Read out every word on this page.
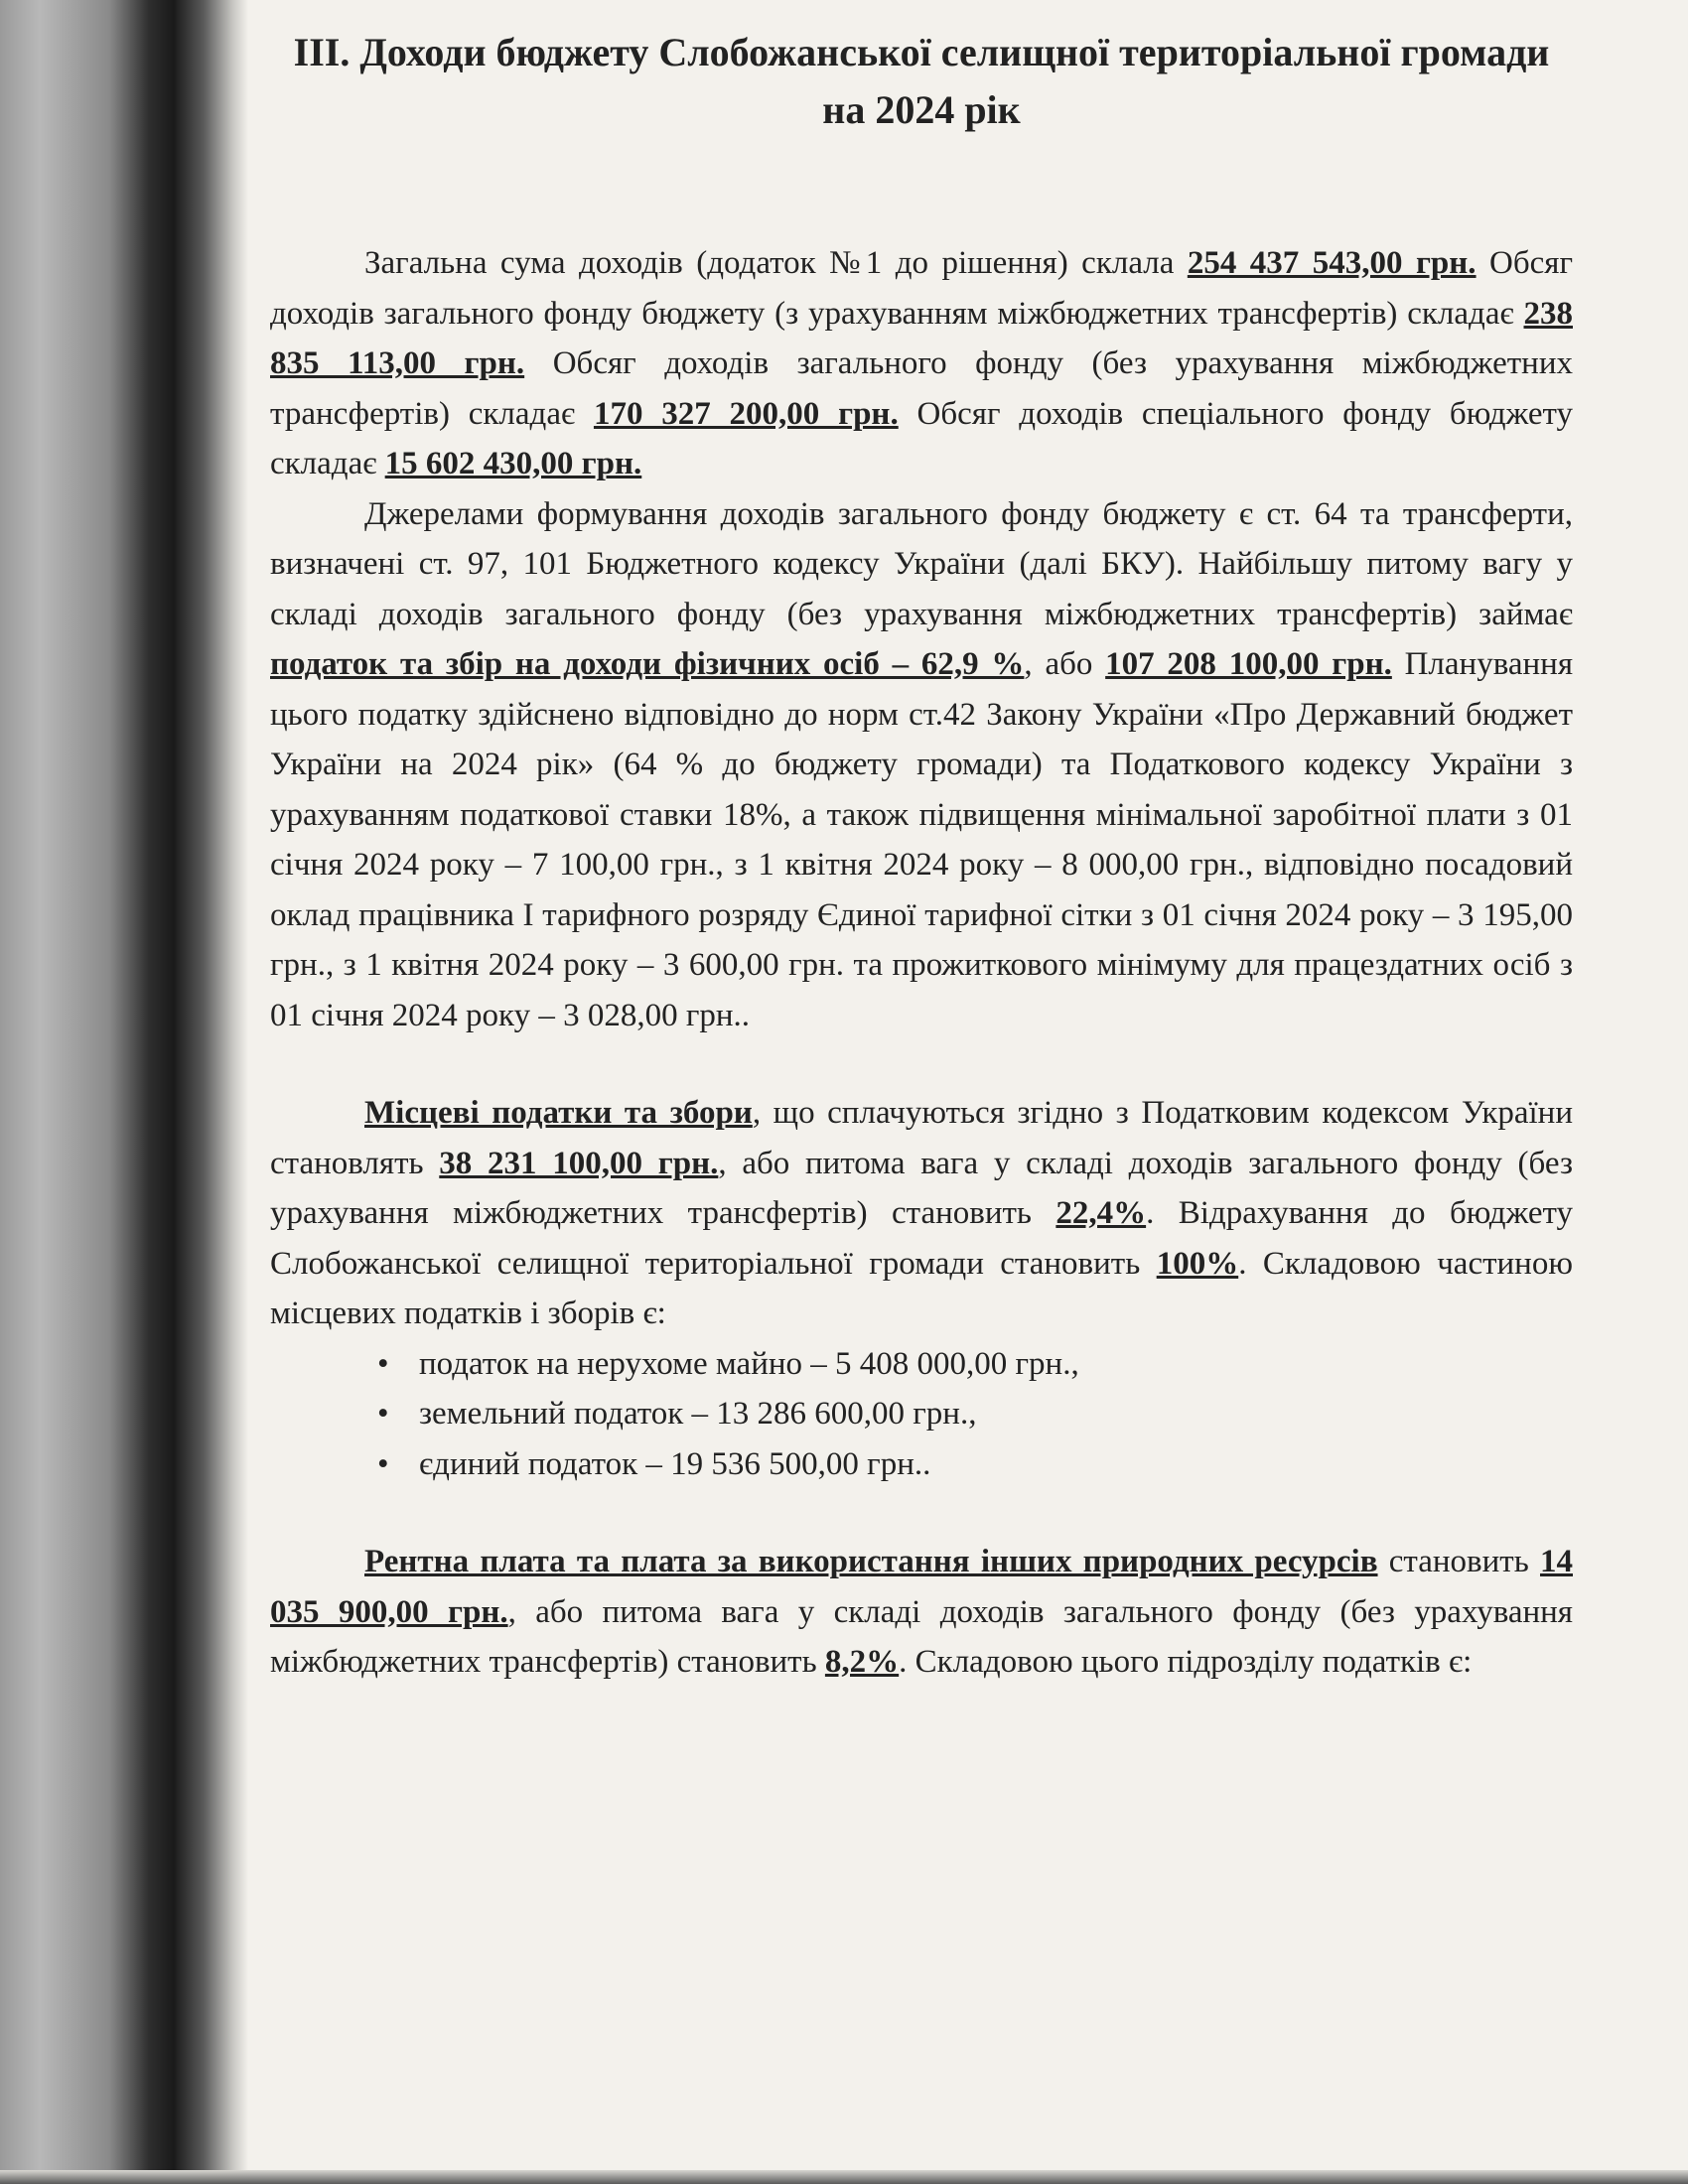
ІІІ. Доходи бюджету Слобожанської селищної територіальної громади на 2024 рік

Загальна сума доходів (додаток №1 до рішення) склала 254 437 543,00 грн. Обсяг доходів загального фонду бюджету (з урахуванням міжбюджетних трансфертів) складає 238 835 113,00 грн. Обсяг доходів загального фонду (без урахування міжбюджетних трансфертів) складає 170 327 200,00 грн. Обсяг доходів спеціального фонду бюджету складає 15 602 430,00 грн.

Джерелами формування доходів загального фонду бюджету є ст. 64 та трансферти, визначені ст. 97, 101 Бюджетного кодексу України (далі БКУ). Найбільшу питому вагу у складі доходів загального фонду (без урахування міжбюджетних трансфертів) займає податок та збір на доходи фізичних осіб – 62,9 %, або 107 208 100,00 грн. Планування цього податку здійснено відповідно до норм ст.42 Закону України «Про Державний бюджет України на 2024 рік» (64 % до бюджету громади) та Податкового кодексу України з урахуванням податкової ставки 18%, а також підвищення мінімальної заробітної плати з 01 січня 2024 року – 7 100,00 грн., з 1 квітня 2024 року – 8 000,00 грн., відповідно посадовий оклад працівника І тарифного розряду Єдиної тарифної сітки з 01 січня 2024 року – 3 195,00 грн., з 1 квітня 2024 року – 3 600,00 грн. та прожиткового мінімуму для працездатних осіб з 01 січня 2024 року – 3 028,00 грн..

Місцеві податки та збори, що сплачуються згідно з Податковим кодексом України становлять 38 231 100,00 грн., або питома вага у складі доходів загального фонду (без урахування міжбюджетних трансфертів) становить 22,4%. Відрахування до бюджету Слобожанської селищної територіальної громади становить 100%. Складовою частиною місцевих податків і зборів є:

• податок на нерухоме майно – 5 408 000,00 грн.,
• земельний податок – 13 286 600,00 грн.,
• єдиний податок – 19 536 500,00 грн..

Рентна плата та плата за використання інших природних ресурсів становить 14 035 900,00 грн., або питома вага у складі доходів загального фонду (без урахування міжбюджетних трансфертів) становить 8,2%. Складовою цього підрозділу податків є:
